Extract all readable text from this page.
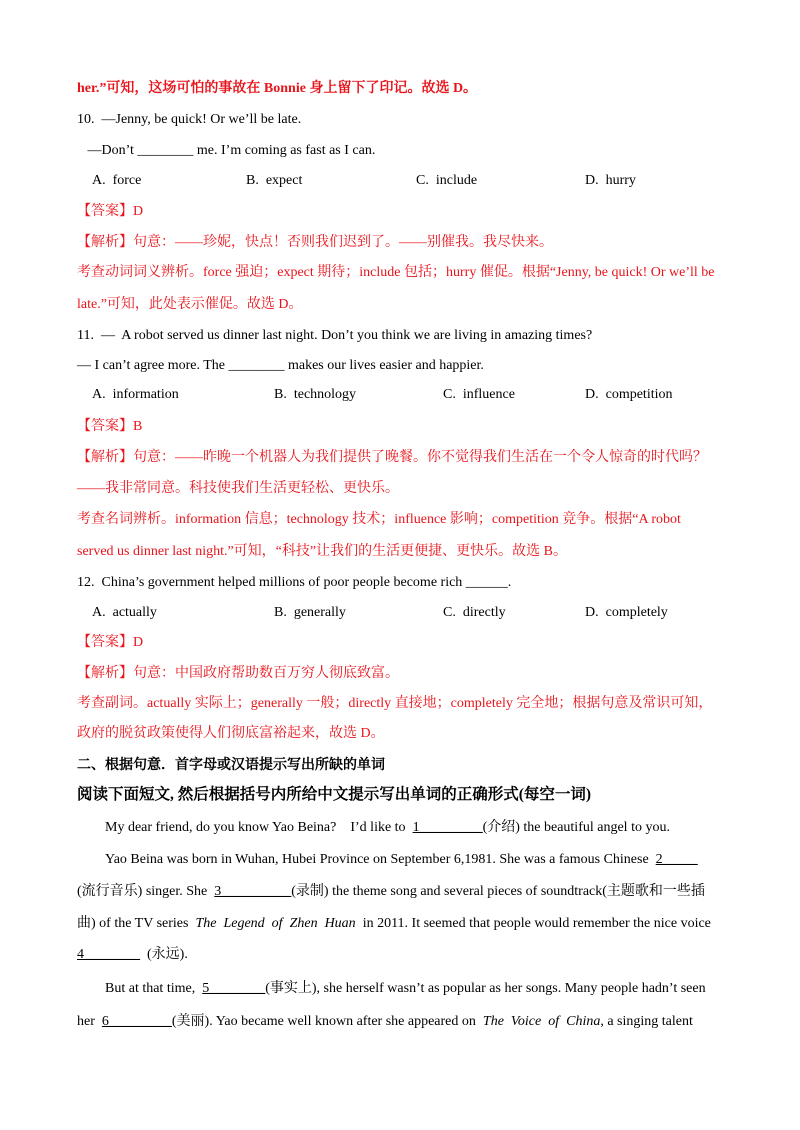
her.”可知，这场可怕的事故在 Bonnie 身上留下了印记。故选 D。
10.  —Jenny, be quick! Or we’ll be late.
—Don’t ________ me. I’m coming as fast as I can.
A.  force	B.  expect	C.  include	D.  hurry
【答案】D
【解析】句意：——珍妮，快点！否则我们迟到了。——别催我。我尽快来。
考查动词词义辨析。force 强迫；expect 期待；include 包括；hurry 催促。根据“Jenny, be quick! Or we’ll be
late.”可知，此处表示催促。故选 D。
11.  —  A robot served us dinner last night. Don’t you think we are living in amazing times?
— I can’t agree more. The ________ makes our lives easier and happier.
A.  information	B.  technology	C.  influence	D.  competition
【答案】B
【解析】句意：——昨晚一个机器人为我们提供了晚餐。你不觉得我们生活在一个令人惊奇的时代吗？
——我非常同意。科技使我们生活更轻松、更快乐。
考查名词辨析。information 信息；technology 技术；influence 影响；competition 竞争。根据“A robot
served us dinner last night.”可知，“科技”让我们的生活更便捷、更快乐。故选 B。
12.  China’s government helped millions of poor people become rich ______.
A.  actually	B.  generally	C.  directly	D.  completely
【答案】D
【解析】句意：中国政府帮助数百万穷人彻底致富。
考查副词。actually 实际上；generally 一般；directly 直接地；completely 完全地；根据句意及常识可知，
政府的脱贫政策使得人们彻底富裕起来，故选 D。
二、根据句意．首字母或汉语提示写出所缺的单词
阅读下面短文, 然后根据括号内所给中文提示写出单词的正确形式(每空一词)
My dear friend, do you know Yao Beina?    I’d like to  1_________(介绍) the beautiful angel to you.
Yao Beina was born in Wuhan, Hubei Province on September 6,1981. She was a famous Chinese  2_____
(流行音乐) singer. She  3__________(录制) the theme song and several pieces of soundtrack(主题歌和一些插
曲) of the TV series  The  Legend  of  Zhen  Huan  in 2011. It seemed that people would remember the nice voice
4________  (永远).
But at that time,  5________(事实上), she herself wasn’t as popular as her songs. Many people hadn’t seen
her  6_________(美丽). Yao became well known after she appeared on  The  Voice  of  China, a singing talent
